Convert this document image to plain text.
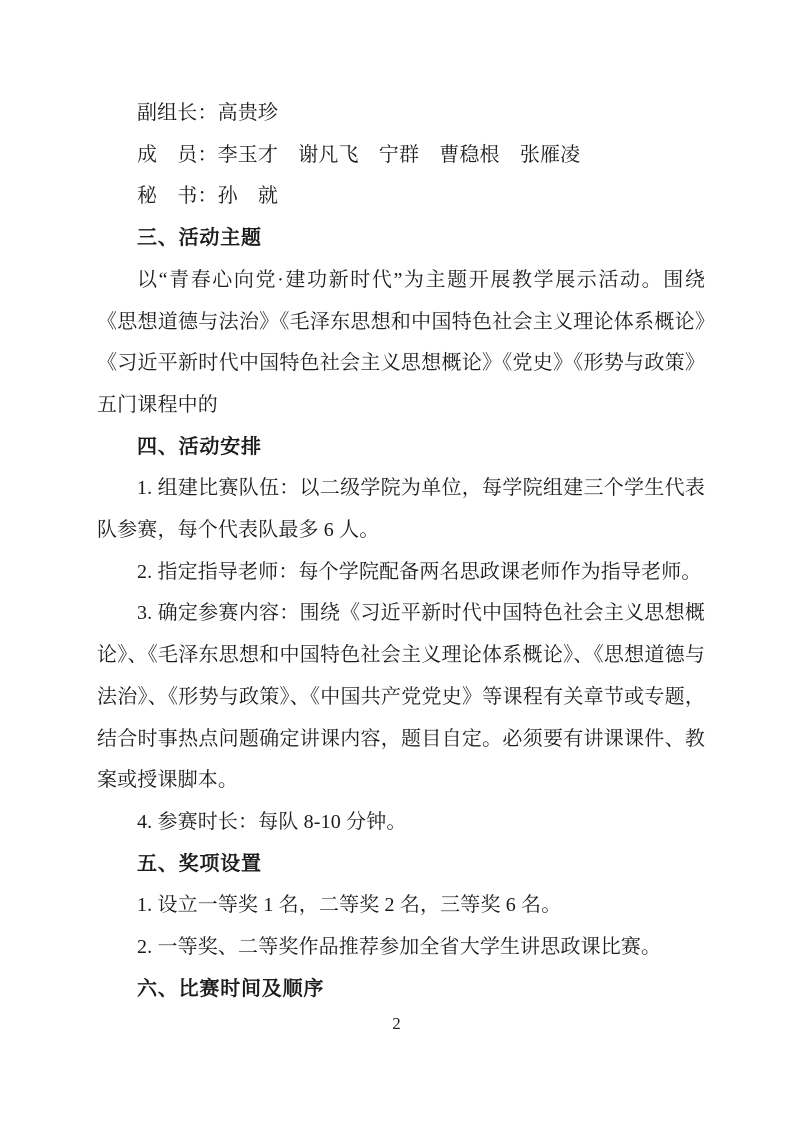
副组长：高贵珍

成　员：李玉才　谢凡飞　宁群　曹稳根　张雁凌

秘　书：孙　就

三、活动主题

以“青春心向党·建功新时代”为主题开展教学展示活动。围绕《思想道德与法治》《毛泽东思想和中国特色社会主义理论体系概论》《习近平新时代中国特色社会主义思想概论》《党史》《形势与政策》五门课程中的

四、活动安排

1. 组建比赛队伍：以二级学院为单位，每学院组建三个学生代表队参赛，每个代表队最多 6 人。

2. 指定指导老师：每个学院配备两名思政课老师作为指导老师。

3. 确定参赛内容：围绕《习近平新时代中国特色社会主义思想概论》、《毛泽东思想和中国特色社会主义理论体系概论》、《思想道德与法治》、《形势与政策》、《中国共产党党史》等课程有关章节或专题，结合时事热点问题确定讲课内容，题目自定。必须要有讲课课件、教案或授课脚本。

4. 参赛时长：每队 8-10 分钟。

五、奖项设置

1. 设立一等奖 1 名，二等奖 2 名，三等奖 6 名。

2. 一等奖、二等奖作品推荐参加全省大学生讲思政课比赛。

六、比赛时间及顺序

2
